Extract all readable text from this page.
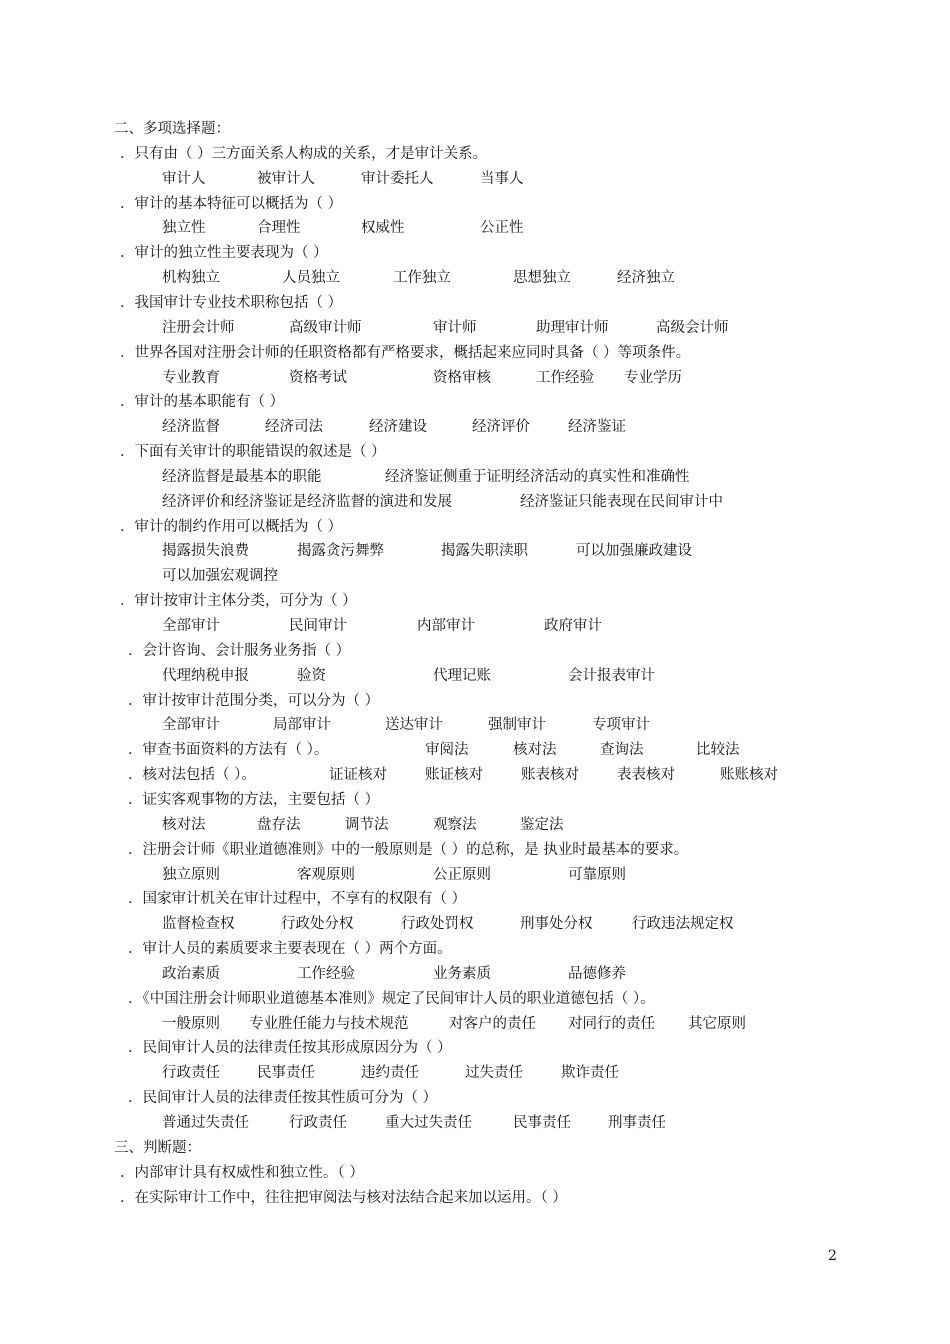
二、多项选择题：
．只有由（ ）三方面关系人构成的关系，才是审计关系。
审计人	被审计人	审计委托人	当事人
．审计的基本特征可以概括为（ ）
独立性	合理性	权威性	公正性
．审计的独立性主要表现为（ ）
机构独立	人员独立	工作独立	思想独立	经济独立
．我国审计专业技术职称包括（ ）
注册会计师	高级审计师	审计师	助理审计师	高级会计师
．世界各国对注册会计师的任职资格都有严格要求，概括起来应同时具备（ ）等项条件。
专业教育	资格考试	资格审核	工作经验 专业学历
．审计的基本职能有（ ）
经济监督	经济司法	经济建设	经济评价	经济鉴证
．下面有关审计的职能错误的叙述是（ ）
经济监督是最基本的职能	经济鉴证侧重于证明经济活动的真实性和准确性
经济评价和经济鉴证是经济监督的演进和发展	经济鉴证只能表现在民间审计中
．审计的制约作用可以概括为（ ）
揭露损失浪费	揭露贪污舞弊	揭露失职渎职	可以加强廉政建设
可以加强宏观调控
．审计按审计主体分类，可分为（ ）
全部审计	民间审计	内部审计	政府审计
．会计咨询、会计服务业务指（ ）
代理纳税申报	验资	代理记账	会计报表审计
．审计按审计范围分类，可以分为（ ）
全部审计	局部审计	送达审计	强制审计	专项审计
．审查书面资料的方法有（ ）。	审阅法	核对法	查询法	比较法
．核对法包括（ ）。	证证核对	账证核对	账表核对	表表核对	账账核对
．证实客观事物的方法，主要包括（ ）
核对法	盘存法	调节法	观察法	鉴定法
．注册会计师《职业道德准则》中的一般原则是（ ）的总称，是 执业时最基本的要求。
独立原则	客观原则	公正原则	可靠原则
．国家审计机关在审计过程中，不享有的权限有（ ）
监督检查权	行政处分权	行政处罚权	刑事处分权	行政违法规定权
．审计人员的素质要求主要表现在（ ）两个方面。
政治素质	工作经验	业务素质	品德修养
．《中国注册会计师职业道德基本准则》规定了民间审计人员的职业道德包括（ ）。
一般原则 专业胜任能力与技术规范	对客户的责任 对同行的责任 其它原则
．民间审计人员的法律责任按其形成原因分为（ ）
行政责任	民事责任	违约责任	过失责任	欺诈责任
．民间审计人员的法律责任按其性质可分为（ ）
普通过失责任	行政责任	重大过失责任	民事责任	刑事责任
三、判断题：
．内部审计具有权威性和独立性。（ ）
．在实际审计工作中，往往把审阅法与核对法结合起来加以运用。（ ）
2
